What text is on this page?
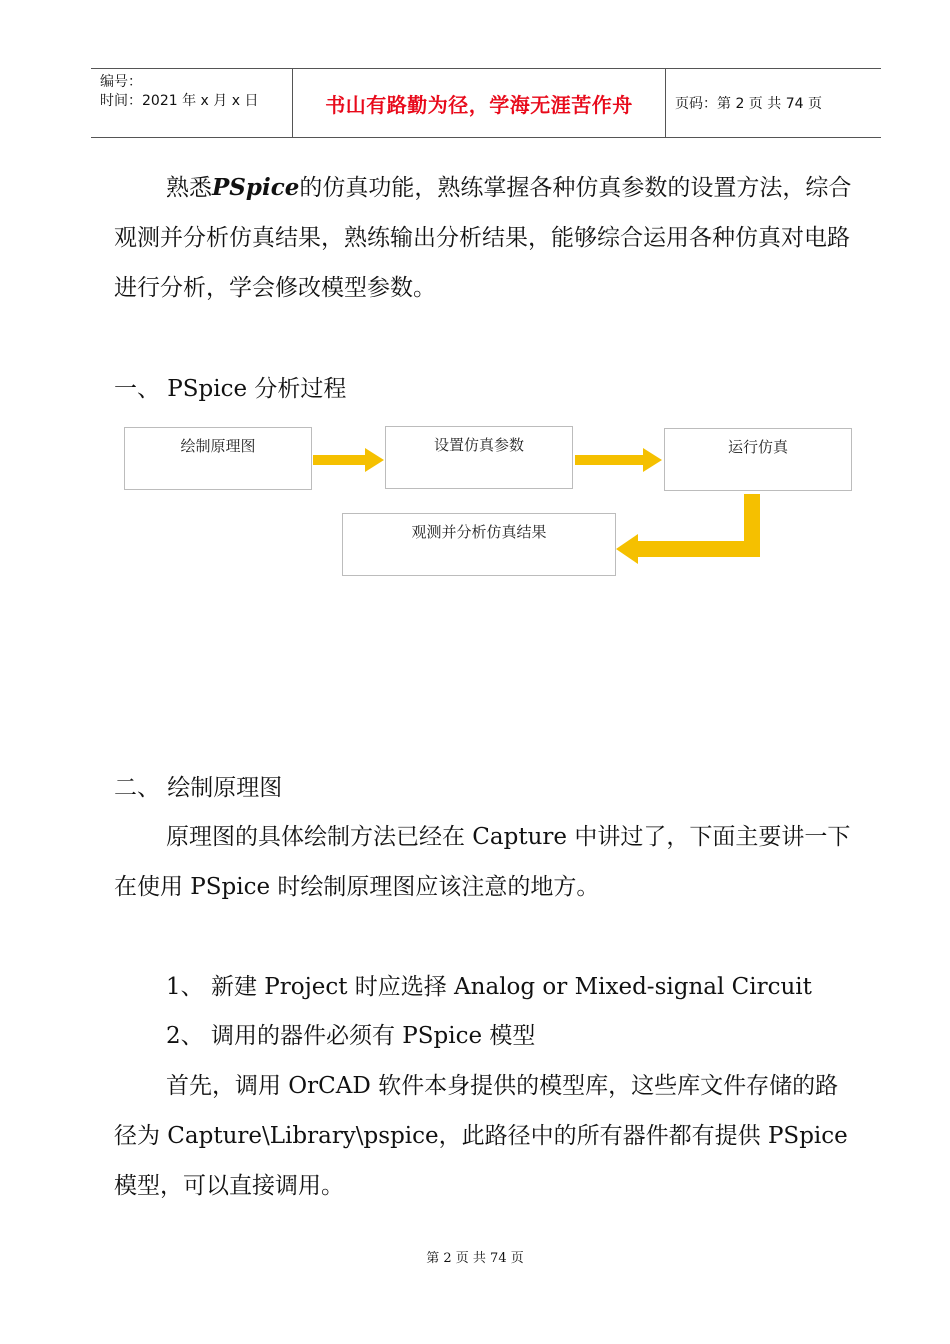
编号：
时间：2021 年 x 月 x 日	书山有路勤为径，学海无涯苦作舟	页码：第 2 页 共 74 页

熟悉PSpice的仿真功能，熟练掌握各种仿真参数的设置方法，综合观测并分析仿真结果，熟练输出分析结果，能够综合运用各种仿真对电路进行分析，学会修改模型参数。

一、 PSpice 分析过程

绘制原理图	设置仿真参数	运行仿真
观测并分析仿真结果

二、 绘制原理图

原理图的具体绘制方法已经在 Capture 中讲过了，下面主要讲一下在使用 PSpice 时绘制原理图应该注意的地方。

1、 新建 Project 时应选择 Analog or Mixed-signal Circuit

2、 调用的器件必须有 PSpice 模型

首先，调用 OrCAD 软件本身提供的模型库，这些库文件存储的路径为 Capture\Library\pspice，此路径中的所有器件都有提供 PSpice 模型，可以直接调用。

第 2 页 共 74 页
